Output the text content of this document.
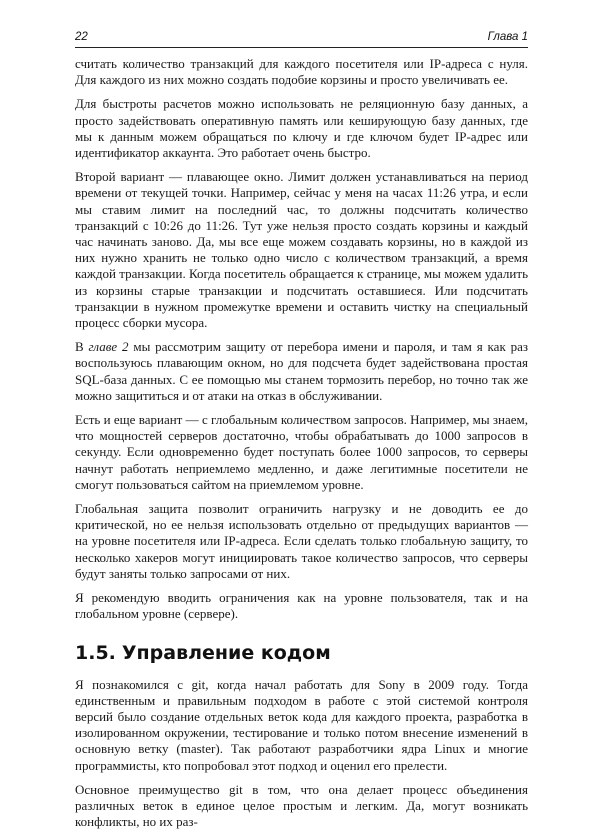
22	Глава 1

считать количество транзакций для каждого посетителя или IP-адреса с нуля. Для каждого из них можно создать подобие корзины и просто увеличивать ее.

Для быстроты расчетов можно использовать не реляционную базу данных, а просто задействовать оперативную память или кеширующую базу данных, где мы к данным можем обращаться по ключу и где ключом будет IP-адрес или идентификатор аккаунта. Это работает очень быстро.

Второй вариант — плавающее окно. Лимит должен устанавливаться на период времени от текущей точки. Например, сейчас у меня на часах 11:26 утра, и если мы ставим лимит на последний час, то должны подсчитать количество транзакций с 10:26 до 11:26. Тут уже нельзя просто создать корзины и каждый час начинать заново. Да, мы все еще можем создавать корзины, но в каждой из них нужно хранить не только одно число с количеством транзакций, а время каждой транзакции. Когда посетитель обращается к странице, мы можем удалить из корзины старые транзакции и подсчитать оставшиеся. Или подсчитать транзакции в нужном промежутке времени и оставить чистку на специальный процесс сборки мусора.

В главе 2 мы рассмотрим защиту от перебора имени и пароля, и там я как раз воспользуюсь плавающим окном, но для подсчета будет задействована простая SQL-база данных. С ее помощью мы станем тормозить перебор, но точно так же можно защититься и от атаки на отказ в обслуживании.

Есть и еще вариант — с глобальным количеством запросов. Например, мы знаем, что мощностей серверов достаточно, чтобы обрабатывать до 1000 запросов в секунду. Если одновременно будет поступать более 1000 запросов, то серверы начнут работать неприемлемо медленно, и даже легитимные посетители не смогут пользоваться сайтом на приемлемом уровне.

Глобальная защита позволит ограничить нагрузку и не доводить ее до критической, но ее нельзя использовать отдельно от предыдущих вариантов — на уровне посетителя или IP-адреса. Если сделать только глобальную защиту, то несколько хакеров могут инициировать такое количество запросов, что серверы будут заняты только запросами от них.

Я рекомендую вводить ограничения как на уровне пользователя, так и на глобальном уровне (сервере).

1.5. Управление кодом

Я познакомился с git, когда начал работать для Sony в 2009 году. Тогда единственным и правильным подходом в работе с этой системой контроля версий было создание отдельных веток кода для каждого проекта, разработка в изолированном окружении, тестирование и только потом внесение изменений в основную ветку (master). Так работают разработчики ядра Linux и многие программисты, кто попробовал этот подход и оценил его прелести.

Основное преимущество git в том, что она делает процесс объединения различных веток в единое целое простым и легким. Да, могут возникать конфликты, но их раз-
